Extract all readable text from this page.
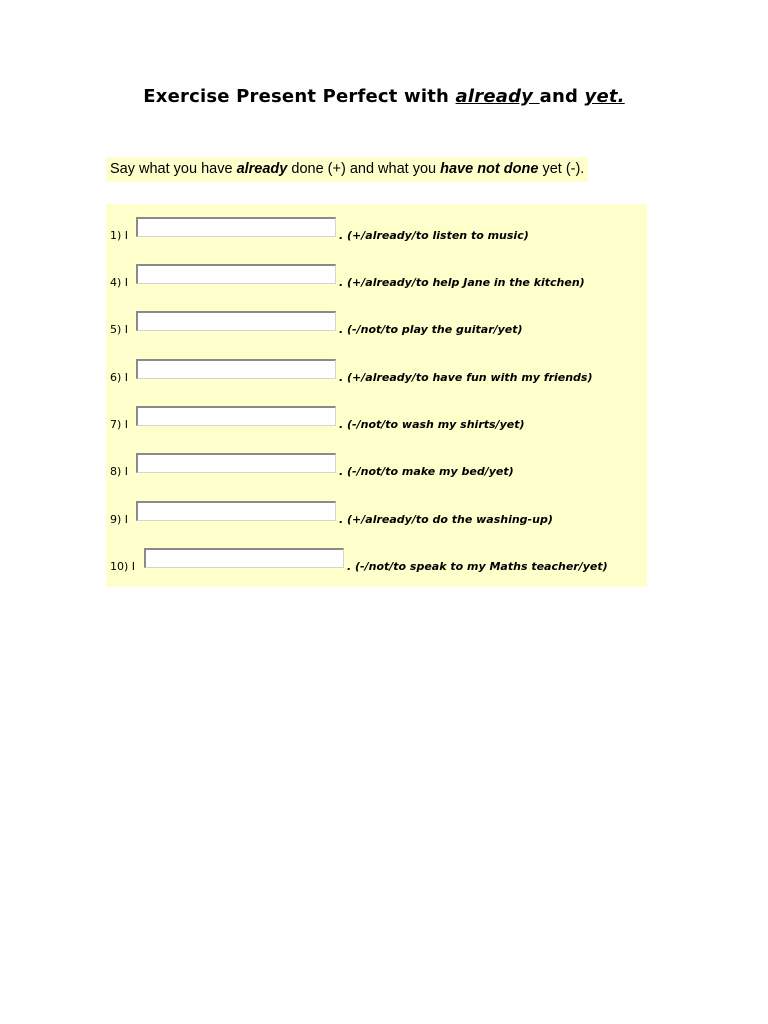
Exercise Present Perfect with already and yet.
Say what you have already done (+) and what you have not done yet (-).
1) I	. (+/already/to listen to music)
4) I	. (+/already/to help Jane in the kitchen)
5) I	. (-/not/to play the guitar/yet)
6) I	. (+/already/to have fun with my friends)
7) I	. (-/not/to wash my shirts/yet)
8) I	. (-/not/to make my bed/yet)
9) I	. (+/already/to do the washing-up)
10) I	. (-/not/to speak to my Maths teacher/yet)
